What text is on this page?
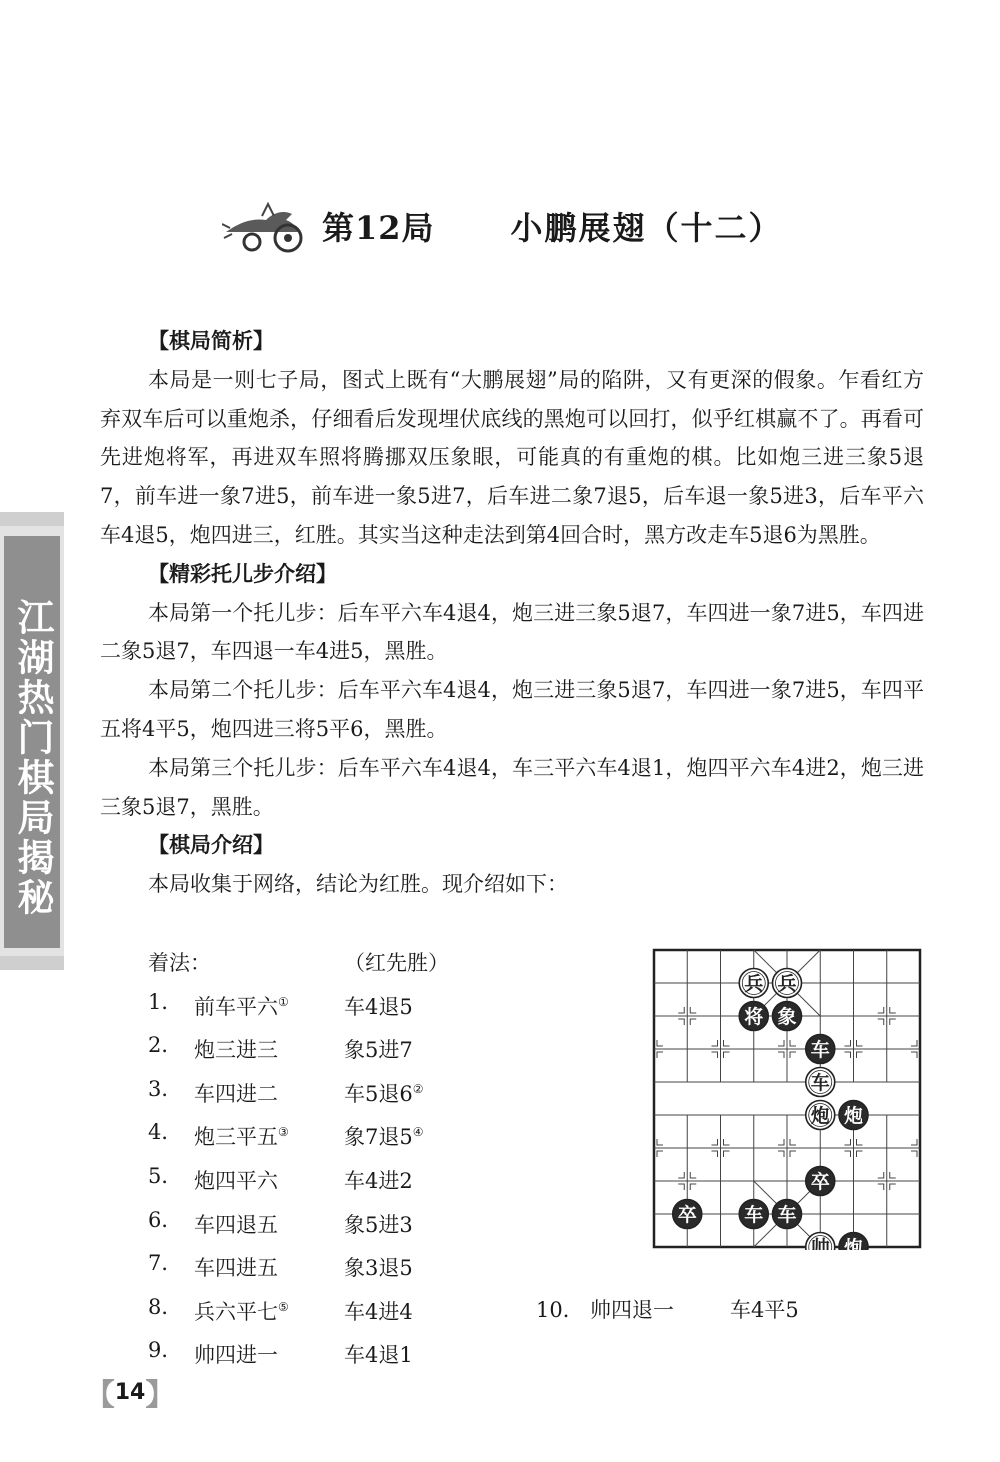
第12局 小鹏展翅（十二）
江湖热门棋局揭秘
【棋局简析】

本局是一则七子局，图式上既有“大鹏展翅”局的陷阱，又有更深的假象。乍看红方弃双车后可以重炮杀，仔细看后发现埋伏底线的黑炮可以回打，似乎红棋赢不了。再看可先进炮将军，再进双车照将腾挪双压象眼，可能真的有重炮的棋。比如炮三进三象5退7，前车进一象7进5，前车进一象5进7，后车进二象7退5，后车退一象5进3，后车平六车4退5，炮四进三，红胜。其实当这种走法到第4回合时，黑方改走车5退6为黑胜。

【精彩托儿步介绍】

本局第一个托儿步：后车平六车4退4，炮三进三象5退7，车四进一象7进5，车四进二象5退7，车四退一车4进5，黑胜。

本局第二个托儿步：后车平六车4退4，炮三进三象5退7，车四进一象7进5，车四平五将4平5，炮四进三将5平6，黑胜。

本局第三个托儿步：后车平六车4退4，车三平六车4退1，炮四平六车4进2，炮三进三象5退7，黑胜。

【棋局介绍】

本局收集于网络，结论为红胜。现介绍如下：

着法：	（红先胜）
1． 前车平六①	车4退5
2． 炮三进三	象5进7
3． 车四进二	车5退6②
4． 炮三平五③	象7退5④
5． 炮四平六	车4进2
6． 车四退五	象5进3
7． 车四进五	象3退5
8． 兵六平七⑤	车4进4
9． 帅四进一	车4退1
10． 帅四退一	车4平5
兵 兵
将 象
车
车
炮 炮
卒
卒 车 车
帅 炮
【 14 】
